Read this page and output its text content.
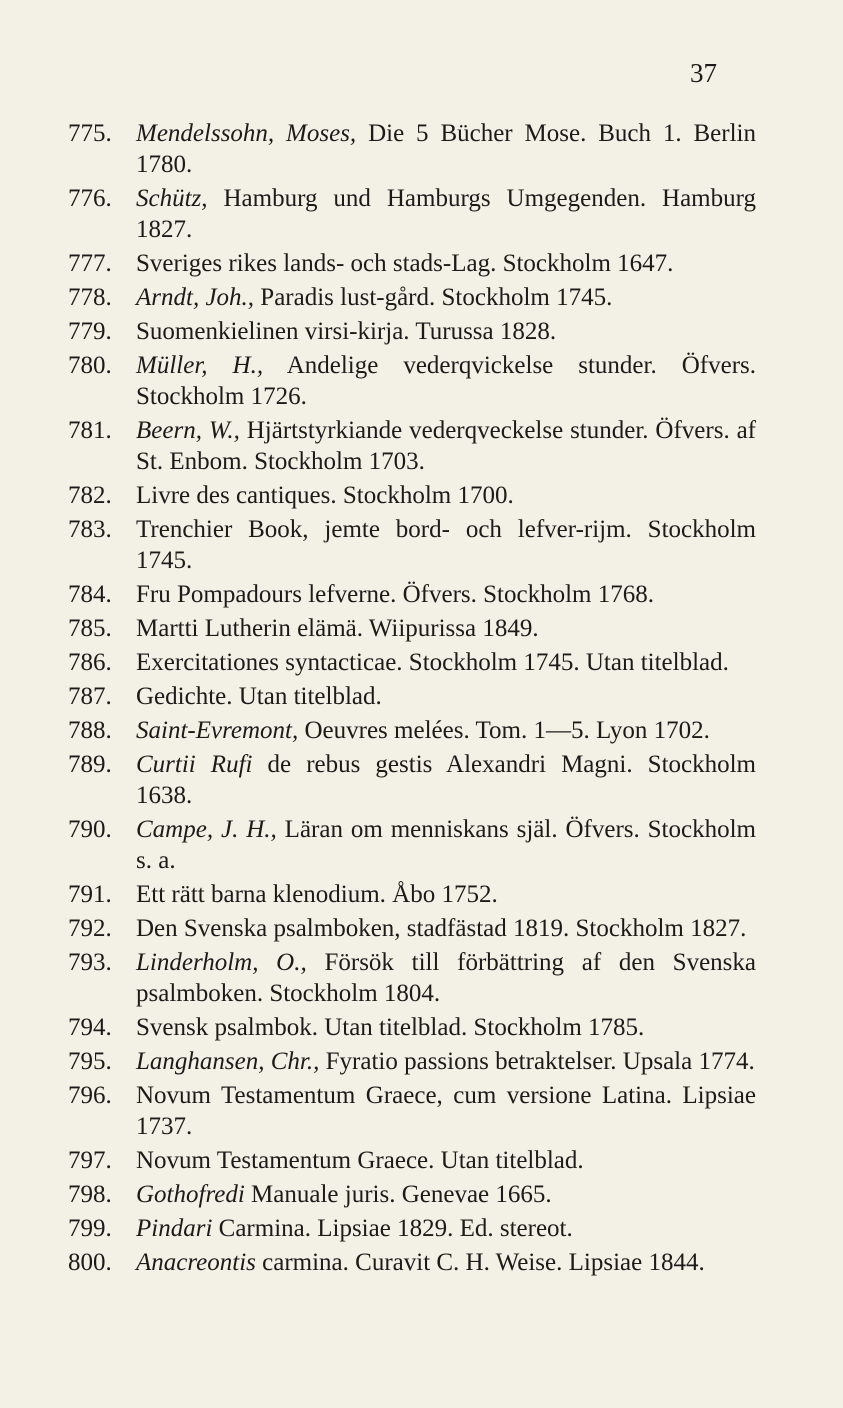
37
775. Mendelssohn, Moses, Die 5 Bücher Mose. Buch 1. Berlin 1780.
776. Schütz, Hamburg und Hamburgs Umgegenden. Hamburg 1827.
777. Sveriges rikes lands- och stads-Lag. Stockholm 1647.
778. Arndt, Joh., Paradis lust-gård. Stockholm 1745.
779. Suomenkielinen virsi-kirja. Turussa 1828.
780. Müller, H., Andelige vederqvickelse stunder. Öfvers. Stockholm 1726.
781. Beern, W., Hjärtstyrkiande vederqveckelse stunder. Öfvers. af St. Enbom. Stockholm 1703.
782. Livre des cantiques. Stockholm 1700.
783. Trenchier Book, jemte bord- och lefver-rijm. Stockholm 1745.
784. Fru Pompadours lefverne. Öfvers. Stockholm 1768.
785. Martti Lutherin elämä. Wiipurissa 1849.
786. Exercitationes syntacticae. Stockholm 1745. Utan titelblad.
787. Gedichte. Utan titelblad.
788. Saint-Evremont, Oeuvres melées. Tom. 1—5. Lyon 1702.
789. Curtii Rufi de rebus gestis Alexandri Magni. Stockholm 1638.
790. Campe, J. H., Läran om menniskans själ. Öfvers. Stockholm s. a.
791. Ett rätt barna klenodium. Åbo 1752.
792. Den Svenska psalmboken, stadfästad 1819. Stockholm 1827.
793. Linderholm, O., Försök till förbättring af den Svenska psalmboken. Stockholm 1804.
794. Svensk psalmbok. Utan titelblad. Stockholm 1785.
795. Langhansen, Chr., Fyratio passions betraktelser. Upsala 1774.
796. Novum Testamentum Graece, cum versione Latina. Lipsiae 1737.
797. Novum Testamentum Graece. Utan titelblad.
798. Gothofredi Manuale juris. Genevae 1665.
799. Pindari Carmina. Lipsiae 1829. Ed. stereot.
800. Anacreontis carmina. Curavit C. H. Weise. Lipsiae 1844.
